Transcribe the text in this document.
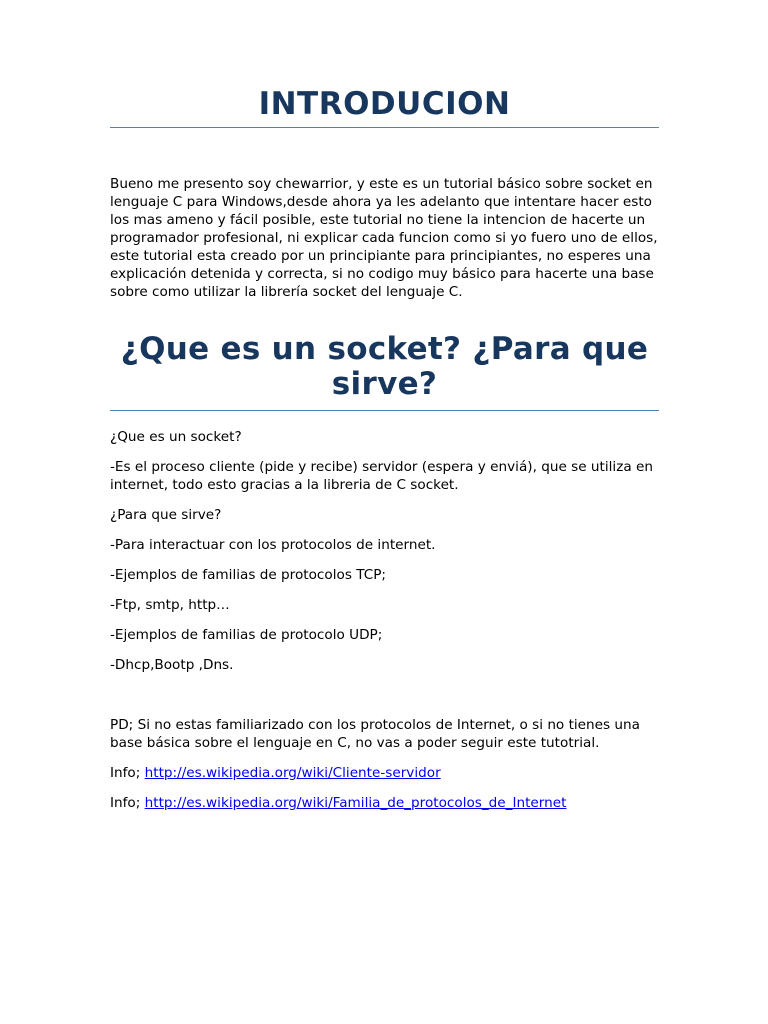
INTRODUCION

Bueno me presento soy chewarrior, y este es un tutorial básico sobre socket en lenguaje C para Windows,desde ahora ya les adelanto que intentare hacer esto los mas ameno y fácil posible, este tutorial no tiene la intencion de hacerte un programador profesional, ni explicar cada funcion como si yo fuero uno de ellos, este tutorial esta creado por un principiante para principiantes, no esperes una explicación detenida y correcta, si no codigo muy básico para hacerte una base sobre como utilizar la librería socket del lenguaje C.

¿Que es un socket? ¿Para que sirve?

¿Que es un socket?

-Es el proceso cliente (pide y recibe) servidor (espera y enviá), que se utiliza en internet, todo esto gracias a la libreria de C socket.

¿Para que sirve?

-Para interactuar con los protocolos de internet.

-Ejemplos de familias de protocolos TCP;

-Ftp, smtp, http…

-Ejemplos de familias de protocolo UDP;

-Dhcp,Bootp ,Dns.

PD; Si no estas familiarizado con los protocolos de Internet, o si no tienes una base básica sobre el lenguaje en C, no vas a poder seguir este tutotrial.

Info; http://es.wikipedia.org/wiki/Cliente-servidor

Info; http://es.wikipedia.org/wiki/Familia_de_protocolos_de_Internet
